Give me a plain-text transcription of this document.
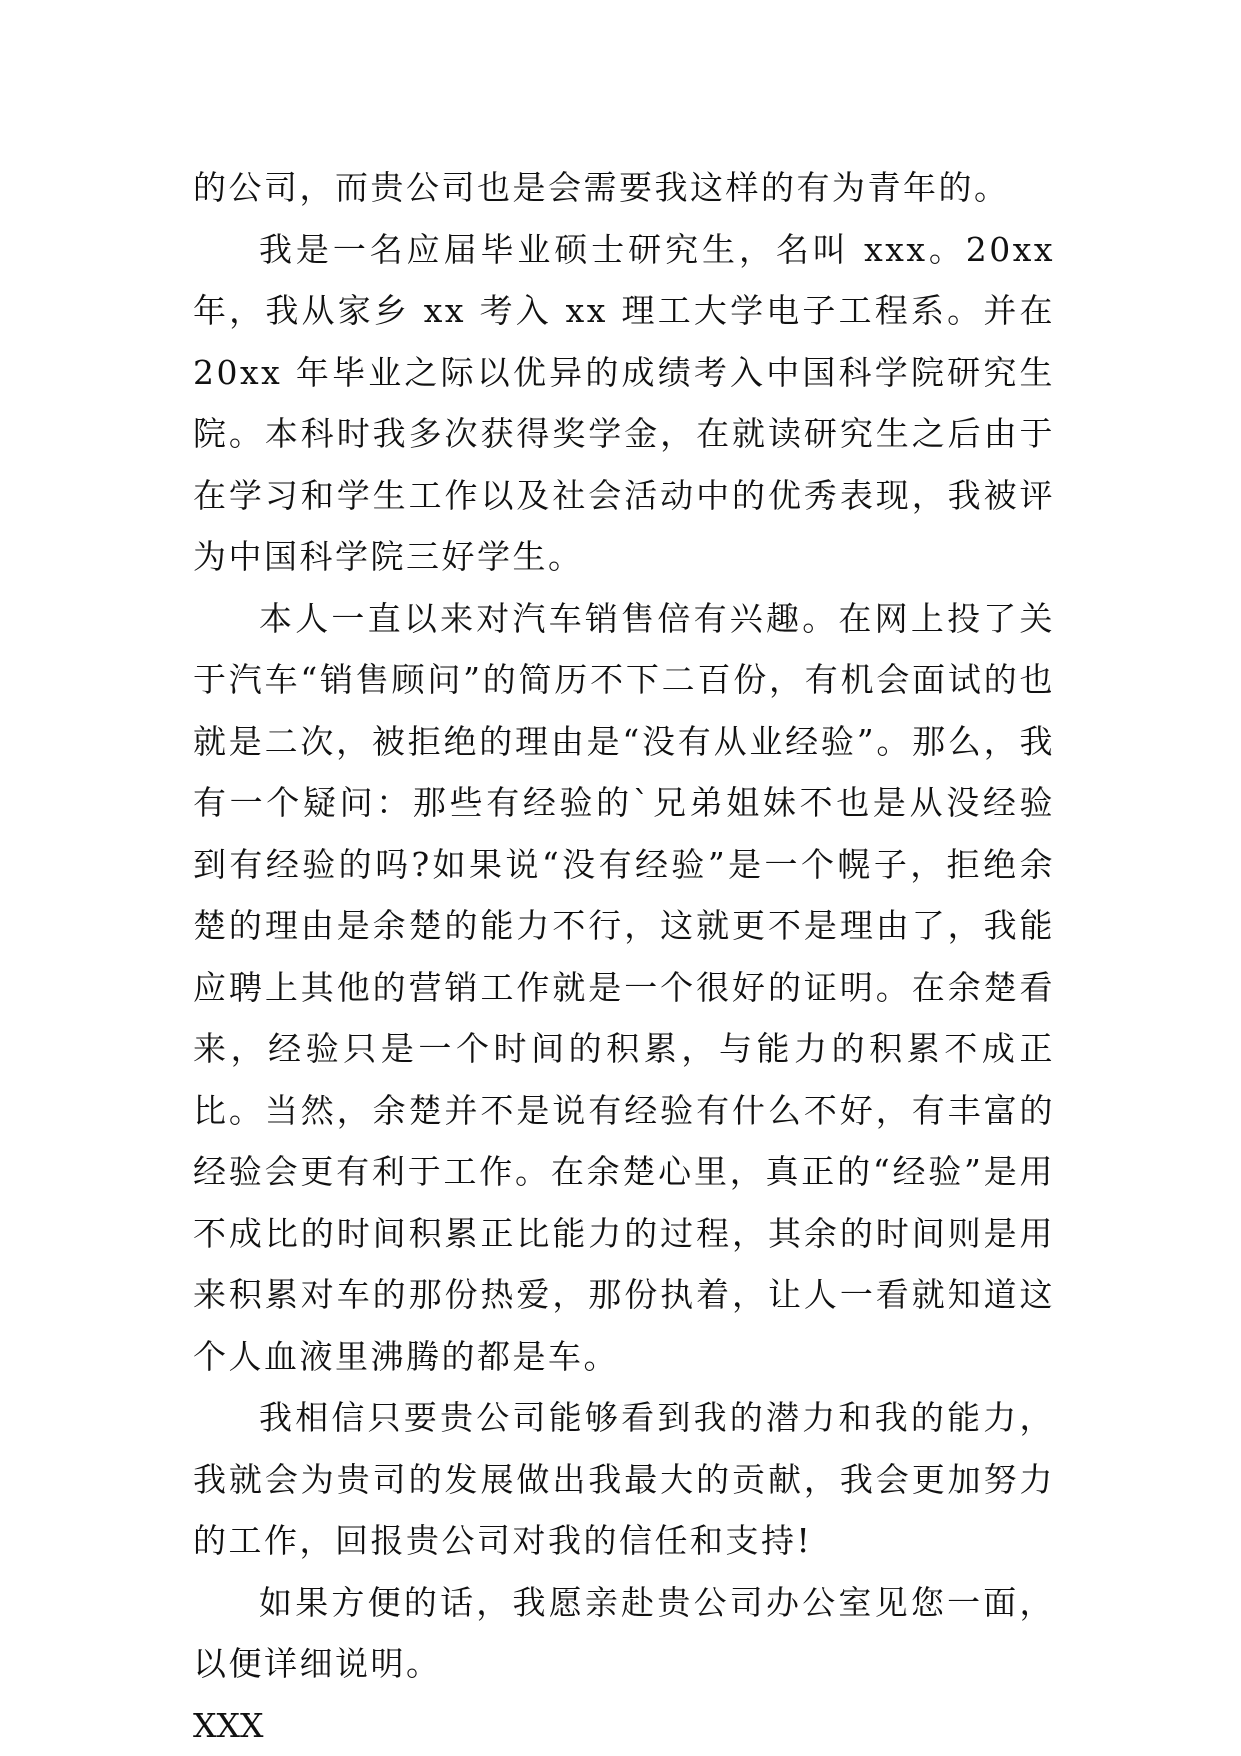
的公司，而贵公司也是会需要我这样的有为青年的。

我是一名应届毕业硕士研究生，名叫 xxx。20xx 年，我从家乡 xx 考入 xx 理工大学电子工程系。并在 20xx 年毕业之际以优异的成绩考入中国科学院研究生院。本科时我多次获得奖学金，在就读研究生之后由于在学习和学生工作以及社会活动中的优秀表现，我被评为中国科学院三好学生。

本人一直以来对汽车销售倍有兴趣。在网上投了关于汽车“销售顾问”的简历不下二百份，有机会面试的也就是二次，被拒绝的理由是“没有从业经验”。那么，我有一个疑问：那些有经验的`兄弟姐妹不也是从没经验到有经验的吗?如果说“没有经验”是一个幌子，拒绝余楚的理由是余楚的能力不行，这就更不是理由了，我能应聘上其他的营销工作就是一个很好的证明。在余楚看来，经验只是一个时间的积累，与能力的积累不成正比。当然，余楚并不是说有经验有什么不好，有丰富的经验会更有利于工作。在余楚心里，真正的“经验”是用不成比的时间积累正比能力的过程，其余的时间则是用来积累对车的那份热爱，那份执着，让人一看就知道这个人血液里沸腾的都是车。

我相信只要贵公司能够看到我的潜力和我的能力，我就会为贵司的发展做出我最大的贡献，我会更加努力的工作，回报贵公司对我的信任和支持!

如果方便的话，我愿亲赴贵公司办公室见您一面，以便详细说明。

XXX
